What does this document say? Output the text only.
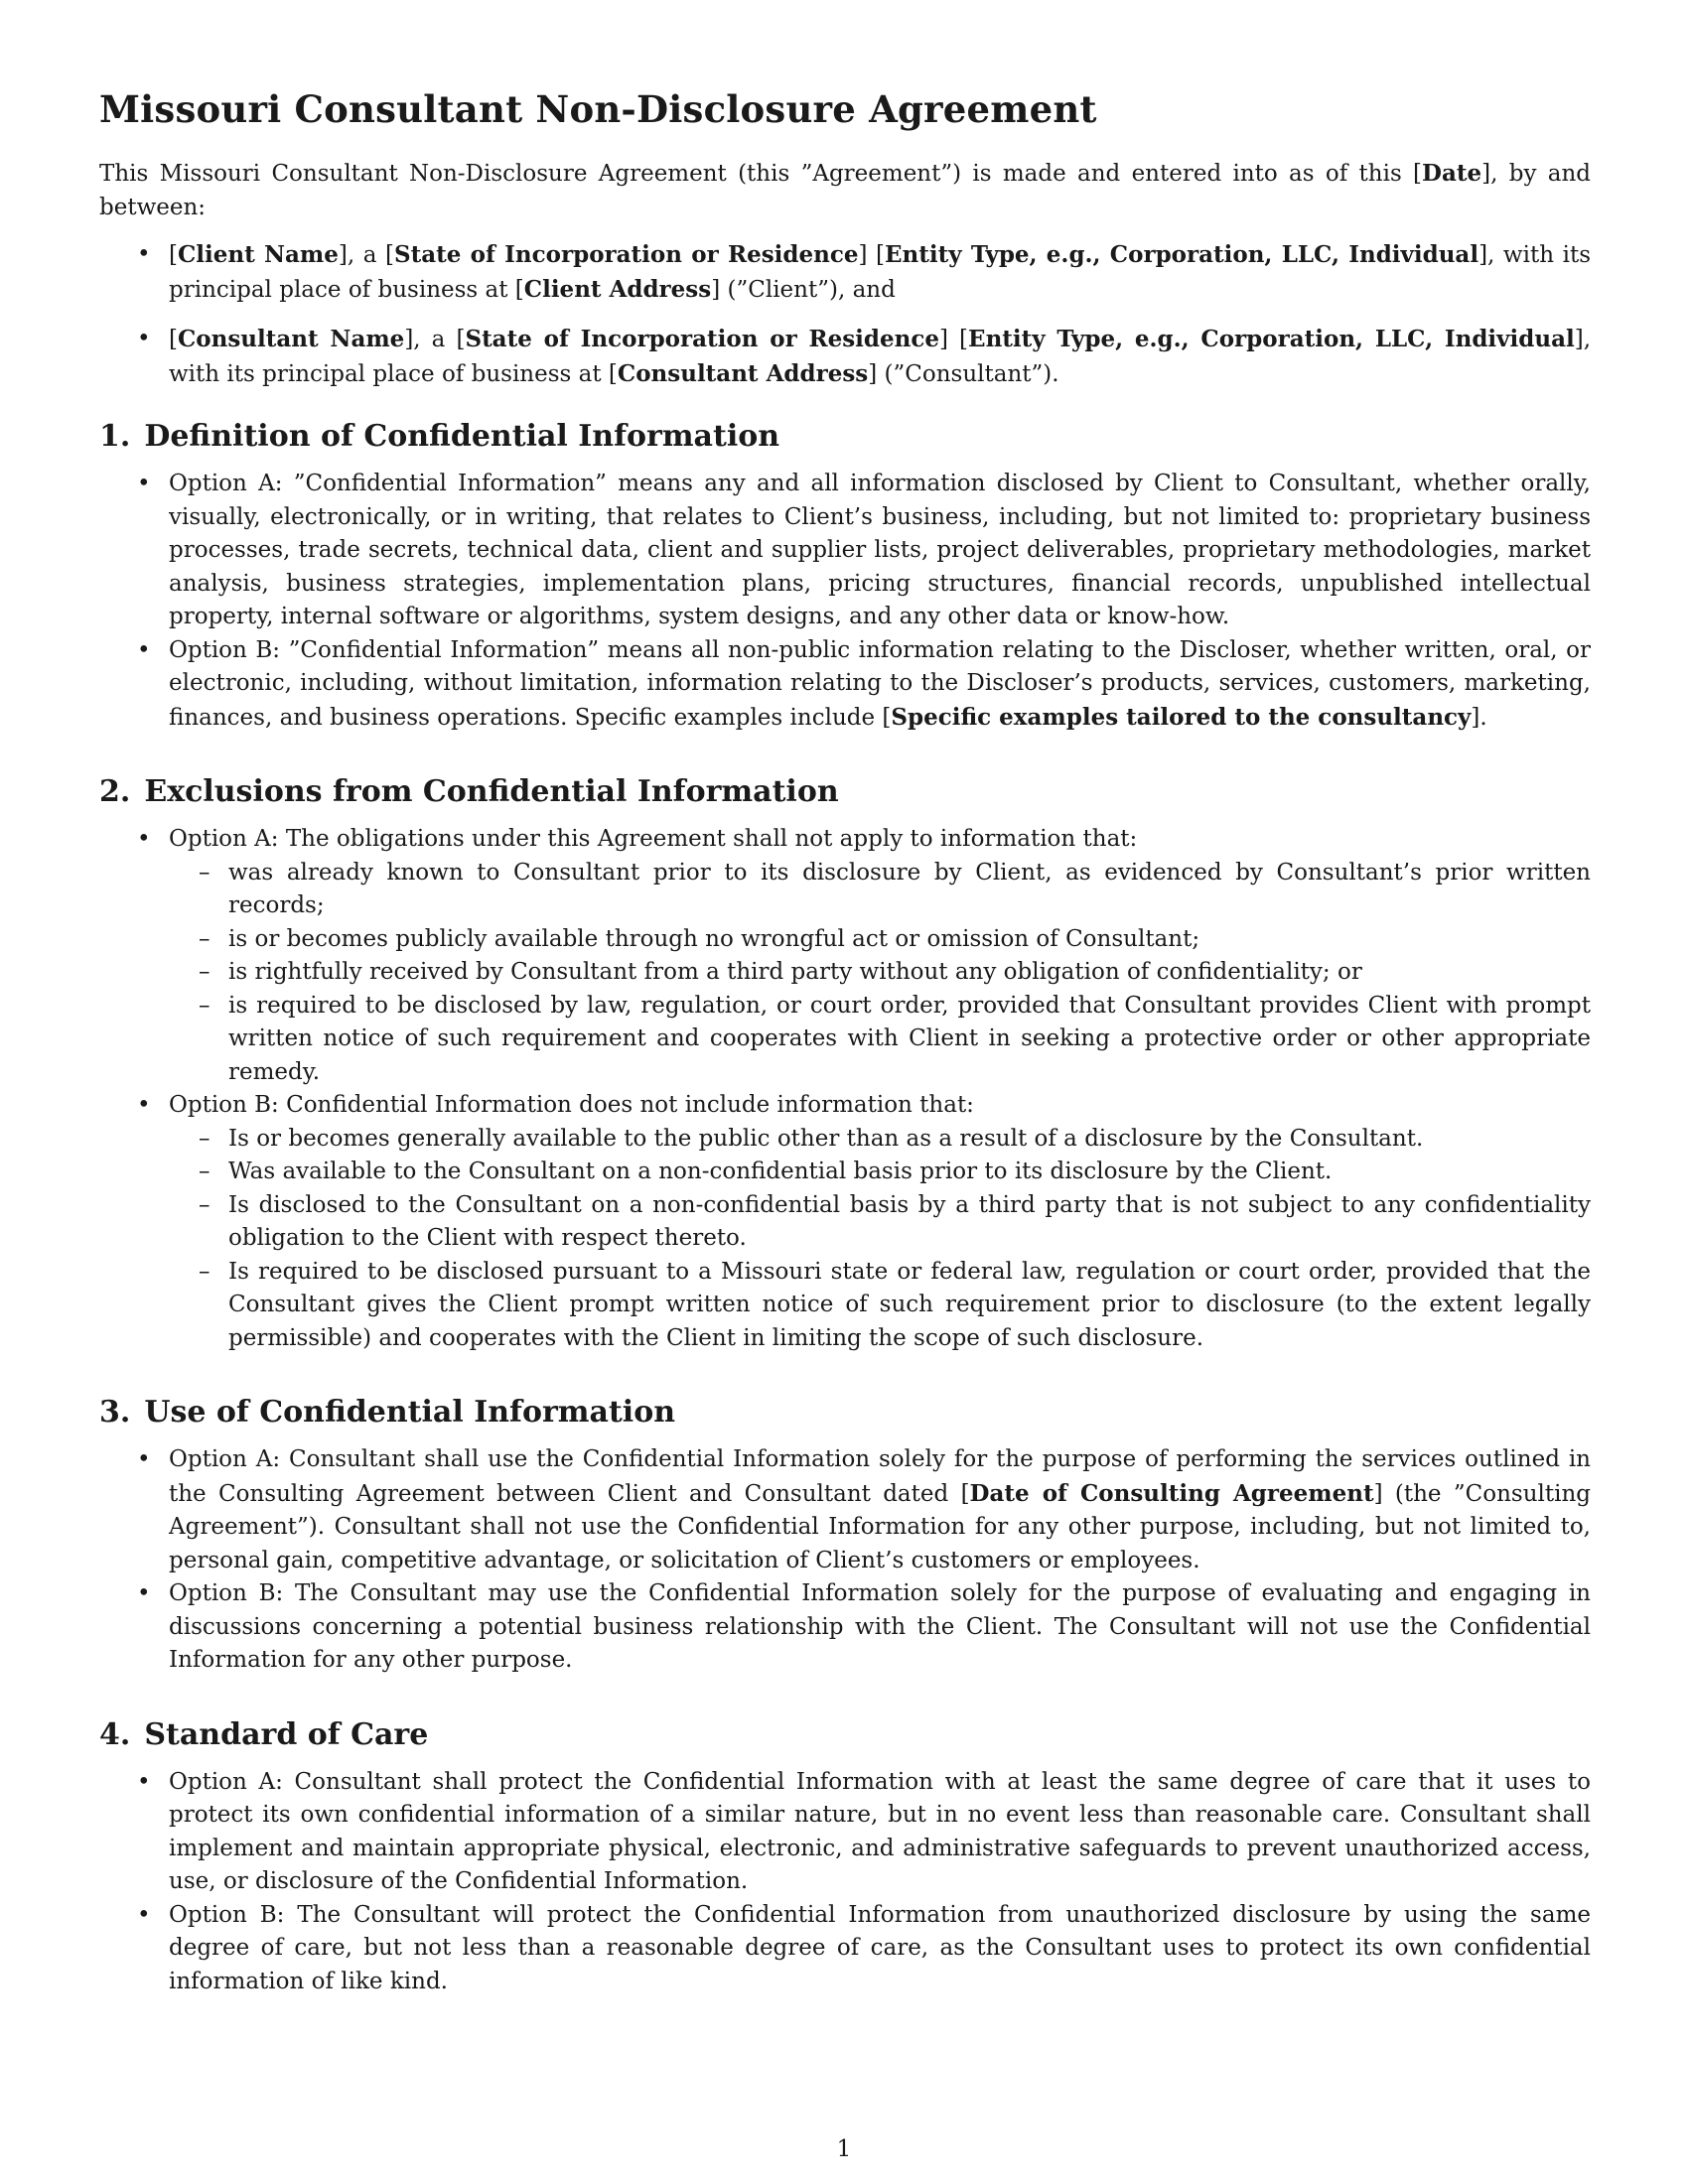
Missouri Consultant Non-Disclosure Agreement

This Missouri Consultant Non-Disclosure Agreement (this ”Agreement”) is made and entered into as of this [Date], by and between:

• [Client Name], a [State of Incorporation or Residence] [Entity Type, e.g., Corporation, LLC, Individual], with its principal place of business at [Client Address] (”Client”), and
• [Consultant Name], a [State of Incorporation or Residence] [Entity Type, e.g., Corporation, LLC, Individual], with its principal place of business at [Consultant Address] (”Consultant”).
1. Definition of Confidential Information
• Option A: ”Confidential Information” means any and all information disclosed by Client to Consultant, whether orally, visually, electronically, or in writing, that relates to Client’s business, including, but not limited to: proprietary business processes, trade secrets, technical data, client and supplier lists, project deliverables, proprietary methodologies, market analysis, business strategies, implementation plans, pricing structures, financial records, unpublished intellectual property, internal software or algorithms, system designs, and any other data or know-how.
• Option B: ”Confidential Information” means all non-public information relating to the Discloser, whether written, oral, or electronic, including, without limitation, information relating to the Discloser’s products, services, customers, marketing, finances, and business operations. Specific examples include [Specific examples tailored to the consultancy].
2. Exclusions from Confidential Information
• Option A: The obligations under this Agreement shall not apply to information that:
– was already known to Consultant prior to its disclosure by Client, as evidenced by Consultant’s prior written records;
– is or becomes publicly available through no wrongful act or omission of Consultant;
– is rightfully received by Consultant from a third party without any obligation of confidentiality; or
– is required to be disclosed by law, regulation, or court order, provided that Consultant provides Client with prompt written notice of such requirement and cooperates with Client in seeking a protective order or other appropriate remedy.
• Option B: Confidential Information does not include information that:
– Is or becomes generally available to the public other than as a result of a disclosure by the Consultant.
– Was available to the Consultant on a non-confidential basis prior to its disclosure by the Client.
– Is disclosed to the Consultant on a non-confidential basis by a third party that is not subject to any confidentiality obligation to the Client with respect thereto.
– Is required to be disclosed pursuant to a Missouri state or federal law, regulation or court order, provided that the Consultant gives the Client prompt written notice of such requirement prior to disclosure (to the extent legally permissible) and cooperates with the Client in limiting the scope of such disclosure.
3. Use of Confidential Information
• Option A: Consultant shall use the Confidential Information solely for the purpose of performing the services outlined in the Consulting Agreement between Client and Consultant dated [Date of Consulting Agreement] (the ”Consulting Agreement”). Consultant shall not use the Confidential Information for any other purpose, including, but not limited to, personal gain, competitive advantage, or solicitation of Client’s customers or employees.
• Option B: The Consultant may use the Confidential Information solely for the purpose of evaluating and engaging in discussions concerning a potential business relationship with the Client. The Consultant will not use the Confidential Information for any other purpose.
4. Standard of Care
• Option A: Consultant shall protect the Confidential Information with at least the same degree of care that it uses to protect its own confidential information of a similar nature, but in no event less than reasonable care. Consultant shall implement and maintain appropriate physical, electronic, and administrative safeguards to prevent unauthorized access, use, or disclosure of the Confidential Information.
• Option B: The Consultant will protect the Confidential Information from unauthorized disclosure by using the same degree of care, but not less than a reasonable degree of care, as the Consultant uses to protect its own confidential information of like kind.
1
